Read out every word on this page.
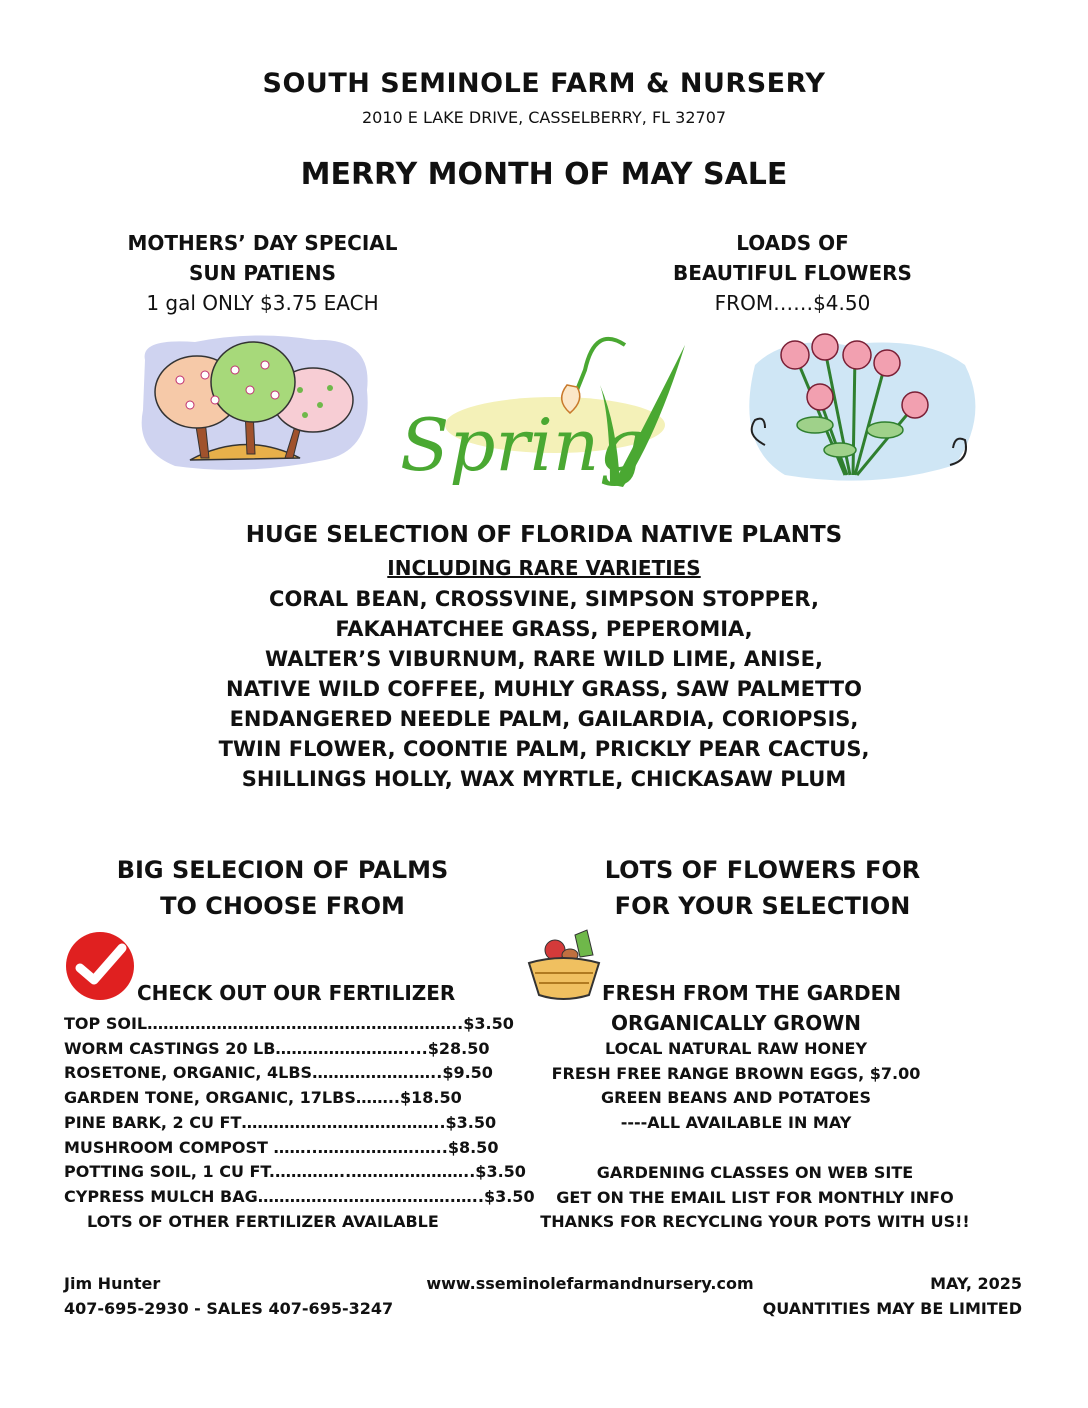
SOUTH SEMINOLE FARM & NURSERY
2010 E LAKE DRIVE, CASSELBERRY, FL 32707
MERRY MONTH OF MAY SALE
MOTHERS’ DAY SPECIAL
SUN PATIENS
1 gal ONLY $3.75 EACH
LOADS OF
BEAUTIFUL FLOWERS
FROM……$4.50
Spring
HUGE SELECTION OF FLORIDA NATIVE PLANTS
INCLUDING RARE VARIETIES
CORAL BEAN, CROSSVINE, SIMPSON STOPPER,
FAKAHATCHEE GRASS, PEPEROMIA,
WALTER’S VIBURNUM, RARE WILD LIME, ANISE,
NATIVE WILD COFFEE, MUHLY GRASS, SAW PALMETTO
ENDANGERED NEEDLE PALM, GAILARDIA, CORIOPSIS,
TWIN FLOWER, COONTIE PALM, PRICKLY PEAR CACTUS,
SHILLINGS HOLLY, WAX MYRTLE, CHICKASAW PLUM
BIG SELECION OF PALMS
TO CHOOSE FROM
LOTS OF FLOWERS FOR
FOR YOUR SELECTION
CHECK OUT OUR FERTILIZER
TOP SOIL…………………………………………………..$3.50
WORM CASTINGS 20 LB……………………....$28.50
ROSETONE, ORGANIC, 4LBS……………….…..$9.50
GARDEN TONE, ORGANIC, 17LBS……..$18.50
PINE BARK, 2 CU FT………………………………..$3.50
MUSHROOM COMPOST ……..……………….…..$8.50
POTTING SOIL, 1 CU FT.…………..…………………..$3.50
CYPRESS MULCH BAG……………………………….…..$3.50
LOTS OF OTHER FERTILIZER AVAILABLE
FRESH FROM THE GARDEN
ORGANICALLY GROWN
LOCAL NATURAL RAW HONEY
FRESH FREE RANGE BROWN EGGS, $7.00
GREEN BEANS AND POTATOES
----ALL AVAILABLE IN MAY
GARDENING CLASSES ON WEB SITE
GET ON THE EMAIL LIST FOR MONTHLY INFO
THANKS FOR RECYCLING YOUR POTS WITH US!!
Jim Hunter	www.sseminolefarmandnursery.com	MAY, 2025
407-695-2930 - SALES 407-695-3247	QUANTITIES MAY BE LIMITED
